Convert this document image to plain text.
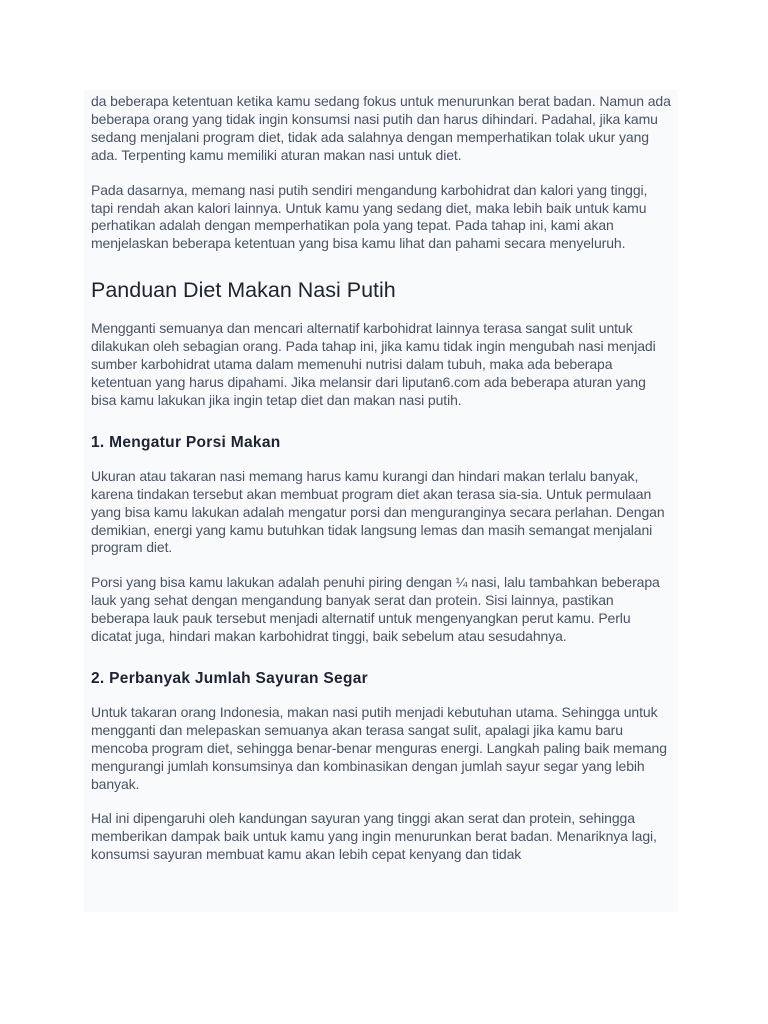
da beberapa ketentuan ketika kamu sedang fokus untuk menurunkan berat badan. Namun ada beberapa orang yang tidak ingin konsumsi nasi putih dan harus dihindari. Padahal, jika kamu sedang menjalani program diet, tidak ada salahnya dengan memperhatikan tolak ukur yang ada. Terpenting kamu memiliki aturan makan nasi untuk diet.

Pada dasarnya, memang nasi putih sendiri mengandung karbohidrat dan kalori yang tinggi, tapi rendah akan kalori lainnya. Untuk kamu yang sedang diet, maka lebih baik untuk kamu perhatikan adalah dengan memperhatikan pola yang tepat. Pada tahap ini, kami akan menjelaskan beberapa ketentuan yang bisa kamu lihat dan pahami secara menyeluruh.

Panduan Diet Makan Nasi Putih

Mengganti semuanya dan mencari alternatif karbohidrat lainnya terasa sangat sulit untuk dilakukan oleh sebagian orang. Pada tahap ini, jika kamu tidak ingin mengubah nasi menjadi sumber karbohidrat utama dalam memenuhi nutrisi dalam tubuh, maka ada beberapa ketentuan yang harus dipahami. Jika melansir dari liputan6.com ada beberapa aturan yang bisa kamu lakukan jika ingin tetap diet dan makan nasi putih.

1. Mengatur Porsi Makan

Ukuran atau takaran nasi memang harus kamu kurangi dan hindari makan terlalu banyak, karena tindakan tersebut akan membuat program diet akan terasa sia-sia. Untuk permulaan yang bisa kamu lakukan adalah mengatur porsi dan menguranginya secara perlahan. Dengan demikian, energi yang kamu butuhkan tidak langsung lemas dan masih semangat menjalani program diet.

Porsi yang bisa kamu lakukan adalah penuhi piring dengan ¼ nasi, lalu tambahkan beberapa lauk yang sehat dengan mengandung banyak serat dan protein. Sisi lainnya, pastikan beberapa lauk pauk tersebut menjadi alternatif untuk mengenyangkan perut kamu. Perlu dicatat juga, hindari makan karbohidrat tinggi, baik sebelum atau sesudahnya.

2. Perbanyak Jumlah Sayuran Segar

Untuk takaran orang Indonesia, makan nasi putih menjadi kebutuhan utama. Sehingga untuk mengganti dan melepaskan semuanya akan terasa sangat sulit, apalagi jika kamu baru mencoba program diet, sehingga benar-benar menguras energi. Langkah paling baik memang mengurangi jumlah konsumsinya dan kombinasikan dengan jumlah sayur segar yang lebih banyak.

Hal ini dipengaruhi oleh kandungan sayuran yang tinggi akan serat dan protein, sehingga memberikan dampak baik untuk kamu yang ingin menurunkan berat badan. Menariknya lagi, konsumsi sayuran membuat kamu akan lebih cepat kenyang dan tidak
